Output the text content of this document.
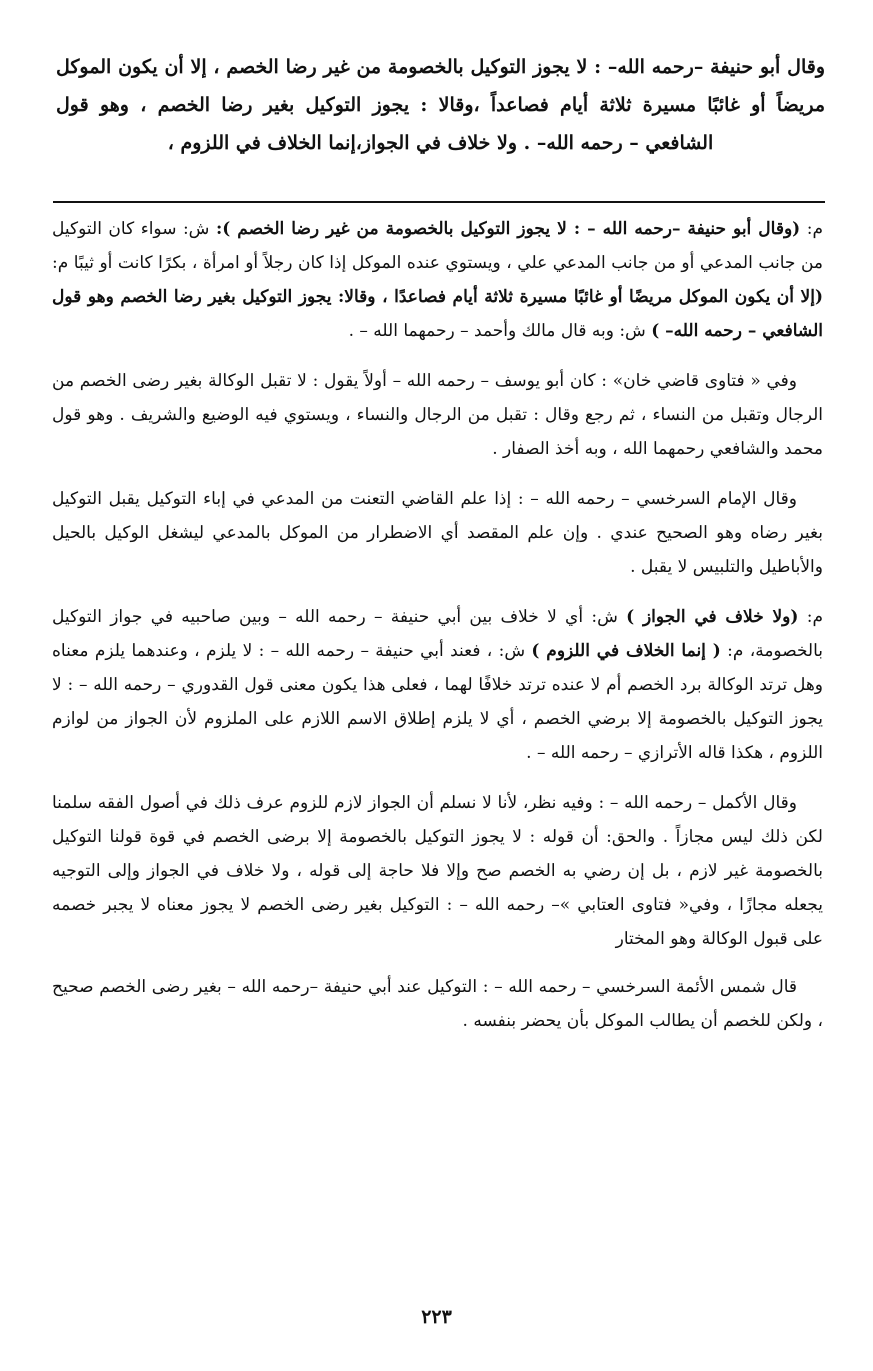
وقال أبو حنيفة –رحمه الله– : لا يجوز التوكيل بالخصومة من غير رضا الخصم ، إلا أن يكون الموكل مريضاً أو غائبًا مسيرة ثلاثة أيام فصاعداً ،وقالا : يجوز التوكيل بغير رضا الخصم ، وهو قول الشافعي – رحمه الله– . ولا خلاف في الجواز،إنما الخلاف في اللزوم ،

م: (وقال أبو حنيفة –رحمه الله – : لا يجوز التوكيل بالخصومة من غير رضا الخصم ): ش: سواء كان التوكيل من جانب المدعي أو من جانب المدعي علي ، ويستوي عنده الموكل إذا كان رجلاً أو امرأة ، بكرًا كانت أو ثيبًا م: (إلا أن يكون الموكل مريضًا أو غائبًا مسيرة ثلاثة أيام فصاعدًا ، وقالا: يجوز التوكيل بغير رضا الخصم وهو قول الشافعي – رحمه الله– ) ش: وبه قال مالك وأحمد – رحمهما الله – .

وفي « فتاوى قاضي خان» : كان أبو يوسف – رحمه الله – أولاً يقول : لا تقبل الوكالة بغير رضى الخصم من الرجال وتقبل من النساء ، ثم رجع وقال : تقبل من الرجال والنساء ، ويستوي فيه الوضيع والشريف . وهو قول محمد والشافعي رحمهما الله ، وبه أخذ الصفار .

وقال الإمام السرخسي – رحمه الله – : إذا علم القاضي التعنت من المدعي في إباء التوكيل يقبل التوكيل بغير رضاه وهو الصحيح عندي . وإن علم المقصد أي الاضطرار من الموكل بالمدعي ليشغل الوكيل بالحيل والأباطيل والتلبيس لا يقبل .

م: (ولا خلاف في الجواز ) ش: أي لا خلاف بين أبي حنيفة – رحمه الله – وبين صاحبيه في جواز التوكيل بالخصومة، م: ( إنما الخلاف في اللزوم ) ش: ، فعند أبي حنيفة – رحمه الله – : لا يلزم ، وعندهما يلزم معناه وهل ترتد الوكالة برد الخصم أم لا عنده ترتد خلافًا لهما ، فعلى هذا يكون معنى قول القدوري – رحمه الله – : لا يجوز التوكيل بالخصومة إلا برضي الخصم ، أي لا يلزم إطلاق الاسم اللازم على الملزوم لأن الجواز من لوازم اللزوم ، هكذا قاله الأترازي – رحمه الله – .

وقال الأكمل – رحمه الله – : وفيه نظر، لأنا لا نسلم أن الجواز لازم للزوم عرف ذلك في أصول الفقه سلمنا لكن ذلك ليس مجازاً . والحق: أن قوله : لا يجوز التوكيل بالخصومة إلا برضى الخصم في قوة قولنا التوكيل بالخصومة غير لازم ، بل إن رضي به الخصم صح وإلا فلا حاجة إلى قوله ، ولا خلاف في الجواز وإلى التوجيه يجعله مجازًا ، وفي« فتاوى العتابي »– رحمه الله – : التوكيل بغير رضى الخصم لا يجوز معناه لا يجبر خصمه على قبول الوكالة وهو المختار

قال شمس الأئمة السرخسي – رحمه الله – : التوكيل عند أبي حنيفة –رحمه الله – بغير رضى الخصم صحيح ، ولكن للخصم أن يطالب الموكل بأن يحضر بنفسه .

٢٢٣
